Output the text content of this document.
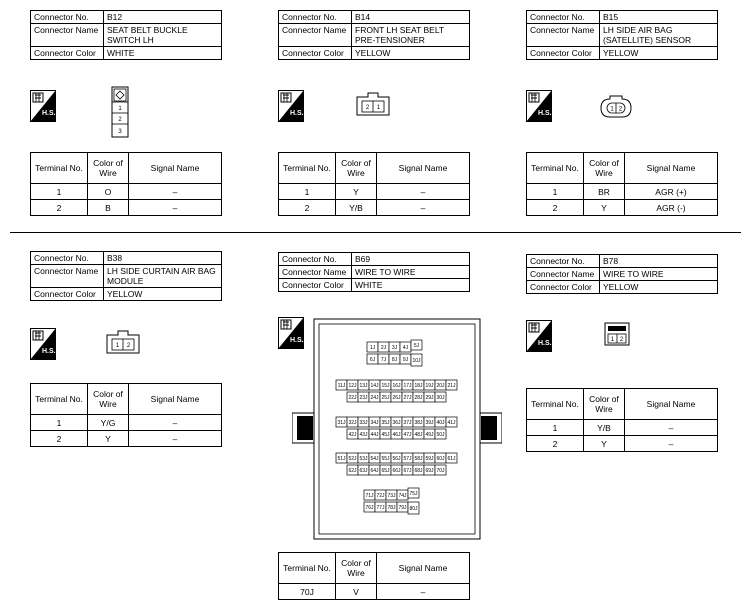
Connector No.	B12
Connector Name	SEAT BELT BUCKLE SWITCH LH
Connector Color	WHITE
H.S.
1
2
3
Terminal No.	Color of Wire	Signal Name
1	O	–
2	B	–
Connector No.	B14
Connector Name	FRONT LH SEAT BELT PRE-TENSIONER
Connector Color	YELLOW
H.S.
2 1
Terminal No.	Color of Wire	Signal Name
1	Y	–
2	Y/B	–
Connector No.	B15
Connector Name	LH SIDE AIR BAG (SATELLITE) SENSOR
Connector Color	YELLOW
H.S.
1 2
Terminal No.	Color of Wire	Signal Name
1	BR	AGR (+)
2	Y	AGR (-)
Connector No.	B38
Connector Name	LH SIDE CURTAIN AIR BAG MODULE
Connector Color	YELLOW
H.S.
1 2
Terminal No.	Color of Wire	Signal Name
1	Y/G	–
2	Y	–
Connector No.	B69
Connector Name	WIRE TO WIRE
Connector Color	WHITE
H.S.
1J 2J 3J 4J
6J 7J 8J 9J
5J
10J
11J 12J 13J 14J 15J 16J 17J 18J 19J 20J 21J
22J 23J 24J 25J 26J 27J 28J 29J 30J
31J 32J 33J 34J 35J 36J 37J 38J 39J 40J 41J
42J 43J 44J 45J 46J 47J 48J 49J 50J
51J 52J 53J 54J 55J 56J 57J 58J 59J 60J 61J
62J 63J 64J 65J 66J 67J 68J 69J 70J
71J 72J 73J 74J
76J 77J 78J 79J
75J
80J
Terminal No.	Color of Wire	Signal Name
70J	V	–
Connector No.	B78
Connector Name	WIRE TO WIRE
Connector Color	YELLOW
H.S.	1 2
Terminal No.	Color of Wire	Signal Name
1	Y/B	–
2	Y	–
